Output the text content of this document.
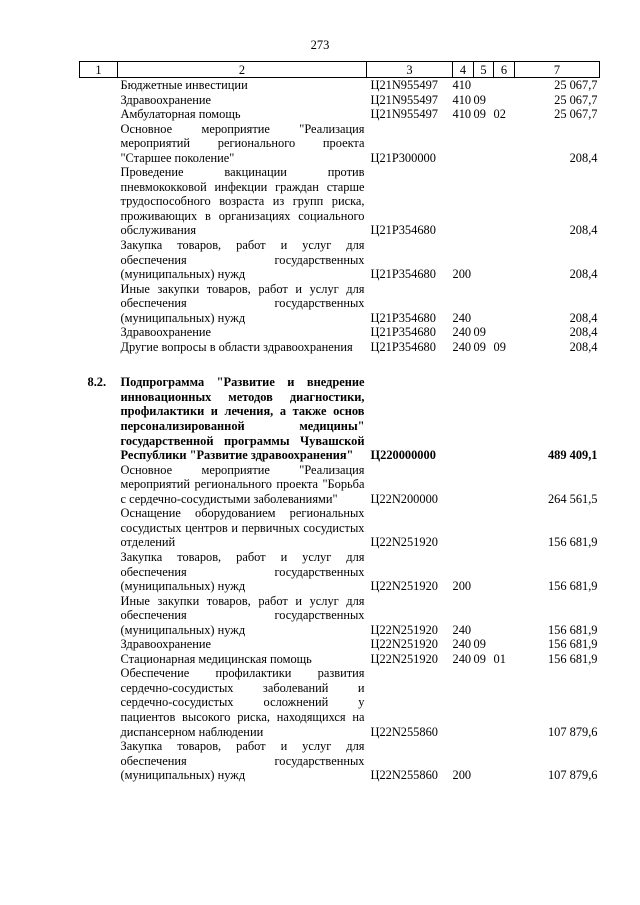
273
1	2	3	4	5	6	7
	Бюджетные инвестиции	Ц21N955497	410			25 067,7
	Здравоохранение	Ц21N955497	410	09		25 067,7
	Амбулаторная помощь	Ц21N955497	410	09	02	25 067,7
	Основное мероприятие "Реализация мероприятий регионального проекта "Старшее поколение"	Ц21P300000				208,4
	Проведение вакцинации против пневмококковой инфекции граждан старше трудоспособного возраста из групп риска, проживающих в организациях социального обслуживания	Ц21P354680				208,4
	Закупка товаров, работ и услуг для обеспечения государственных (муниципальных) нужд	Ц21P354680	200			208,4
	Иные закупки товаров, работ и услуг для обеспечения государственных (муниципальных) нужд	Ц21P354680	240			208,4
	Здравоохранение	Ц21P354680	240	09		208,4
	Другие вопросы в области здравоохранения	Ц21P354680	240	09	09	208,4

8.2.	Подпрограмма "Развитие и внедрение инновационных методов диагностики, профилактики и лечения, а также основ персонализированной медицины" государственной программы Чувашской Республики "Развитие здравоохранения"	Ц220000000				489 409,1
	Основное мероприятие "Реализация мероприятий регионального проекта "Борьба с сердечно-сосудистыми заболеваниями"	Ц22N200000				264 561,5
	Оснащение оборудованием региональных сосудистых центров и первичных сосудистых отделений	Ц22N251920				156 681,9
	Закупка товаров, работ и услуг для обеспечения государственных (муниципальных) нужд	Ц22N251920	200			156 681,9
	Иные закупки товаров, работ и услуг для обеспечения государственных (муниципальных) нужд	Ц22N251920	240			156 681,9
	Здравоохранение	Ц22N251920	240	09		156 681,9
	Стационарная медицинская помощь	Ц22N251920	240	09	01	156 681,9
	Обеспечение профилактики развития сердечно-сосудистых заболеваний и сердечно-сосудистых осложнений у пациентов высокого риска, находящихся на диспансерном наблюдении	Ц22N255860				107 879,6
	Закупка товаров, работ и услуг для обеспечения государственных (муниципальных) нужд	Ц22N255860	200			107 879,6
